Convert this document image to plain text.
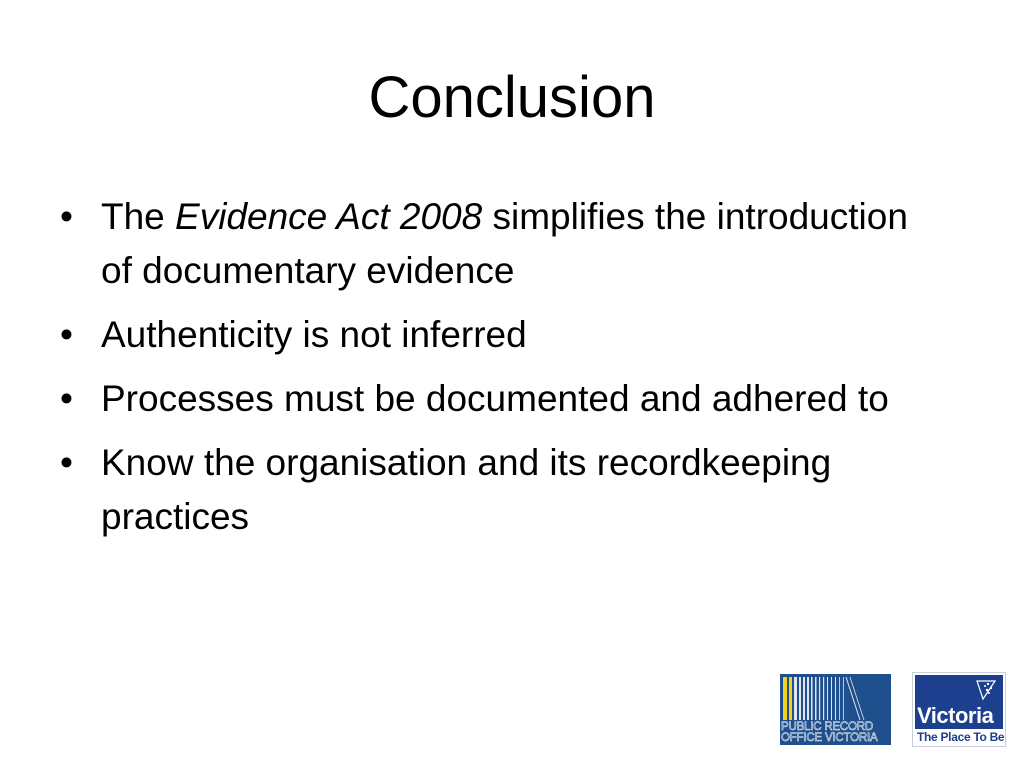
Conclusion
• The Evidence Act 2008 simplifies the introduction of documentary evidence
• Authenticity is not inferred
• Processes must be documented and adhered to
• Know the organisation and its recordkeeping practices
PUBLIC RECORD
OFFICE VICTORIA
Victoria
The Place To Be
